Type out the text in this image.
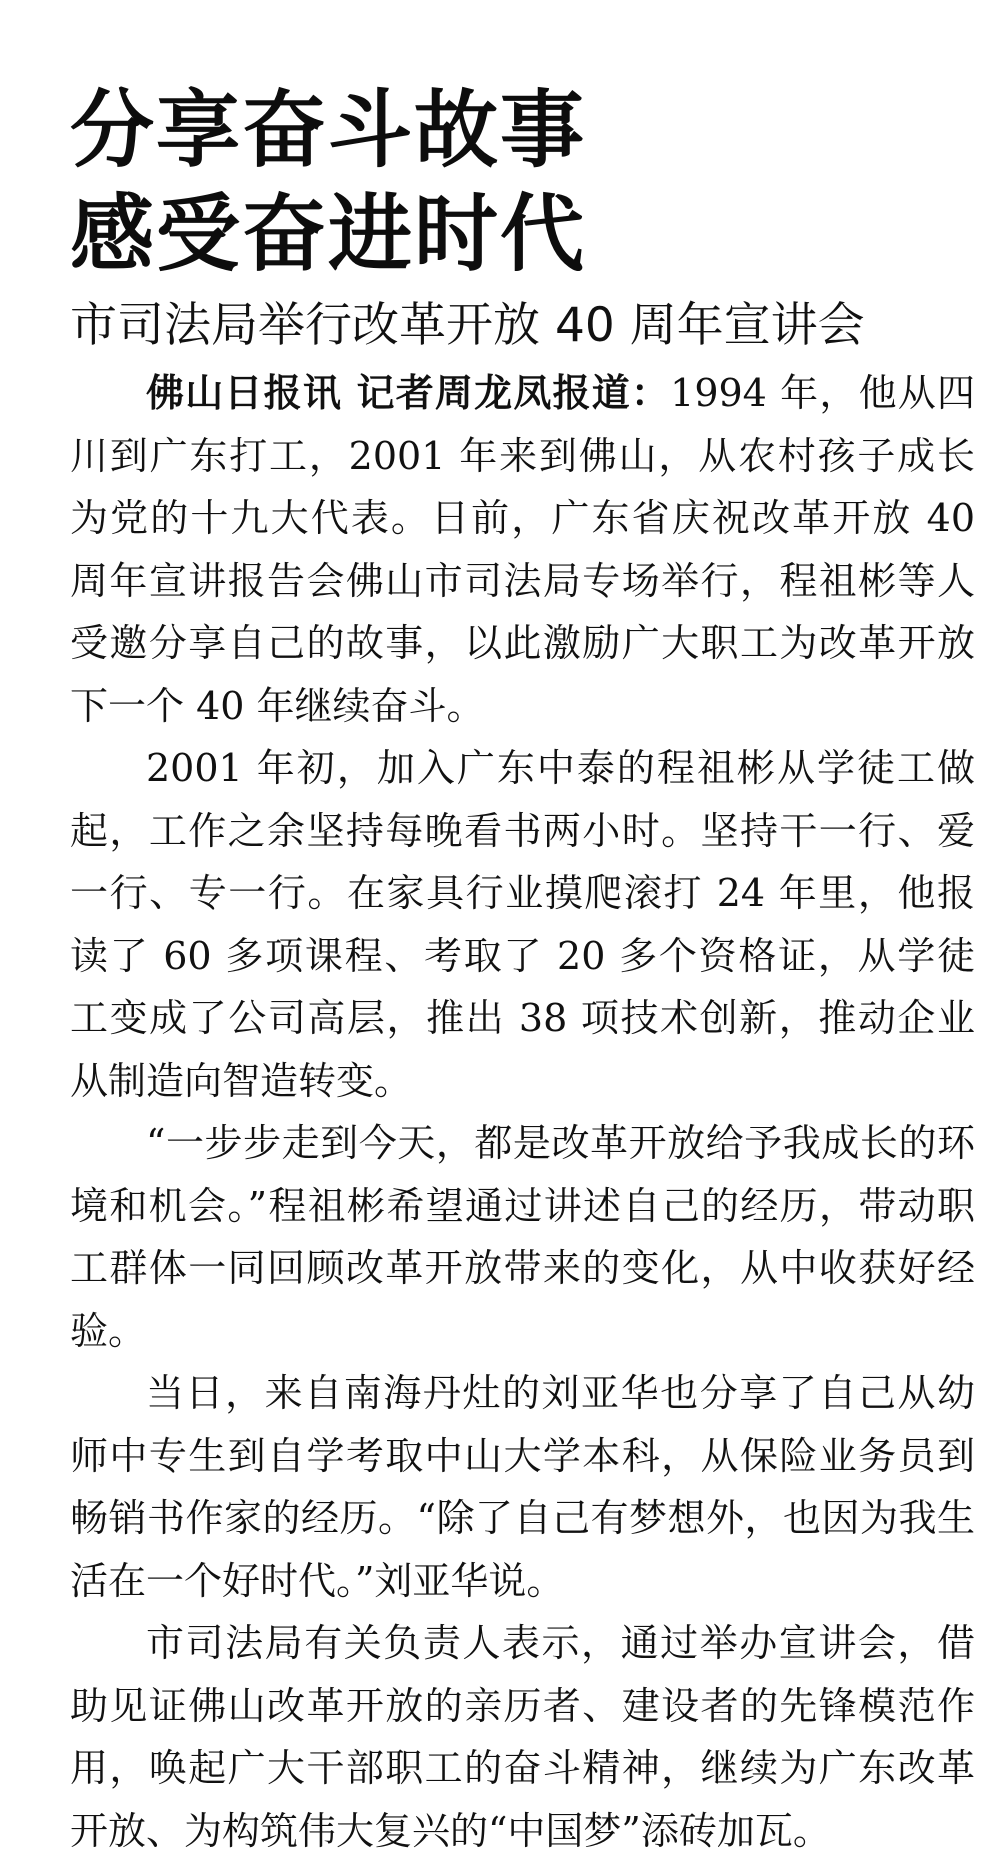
分享奋斗故事
感受奋进时代
市司法局举行改革开放 40 周年宣讲会

佛山日报讯 记者周龙凤报道：1994 年，他从四川到广东打工，2001 年来到佛山，从农村孩子成长为党的十九大代表。日前，广东省庆祝改革开放 40 周年宣讲报告会佛山市司法局专场举行，程祖彬等人受邀分享自己的故事，以此激励广大职工为改革开放下一个 40 年继续奋斗。

2001 年初，加入广东中泰的程祖彬从学徒工做起，工作之余坚持每晚看书两小时。坚持干一行、爱一行、专一行。在家具行业摸爬滚打 24 年里，他报读了 60 多项课程、考取了 20 多个资格证，从学徒工变成了公司高层，推出 38 项技术创新，推动企业从制造向智造转变。

“一步步走到今天，都是改革开放给予我成长的环境和机会。”程祖彬希望通过讲述自己的经历，带动职工群体一同回顾改革开放带来的变化，从中收获好经验。

当日，来自南海丹灶的刘亚华也分享了自己从幼师中专生到自学考取中山大学本科，从保险业务员到畅销书作家的经历。“除了自己有梦想外，也因为我生活在一个好时代。”刘亚华说。

市司法局有关负责人表示，通过举办宣讲会，借助见证佛山改革开放的亲历者、建设者的先锋模范作用，唤起广大干部职工的奋斗精神，继续为广东改革开放、为构筑伟大复兴的“中国梦”添砖加瓦。
